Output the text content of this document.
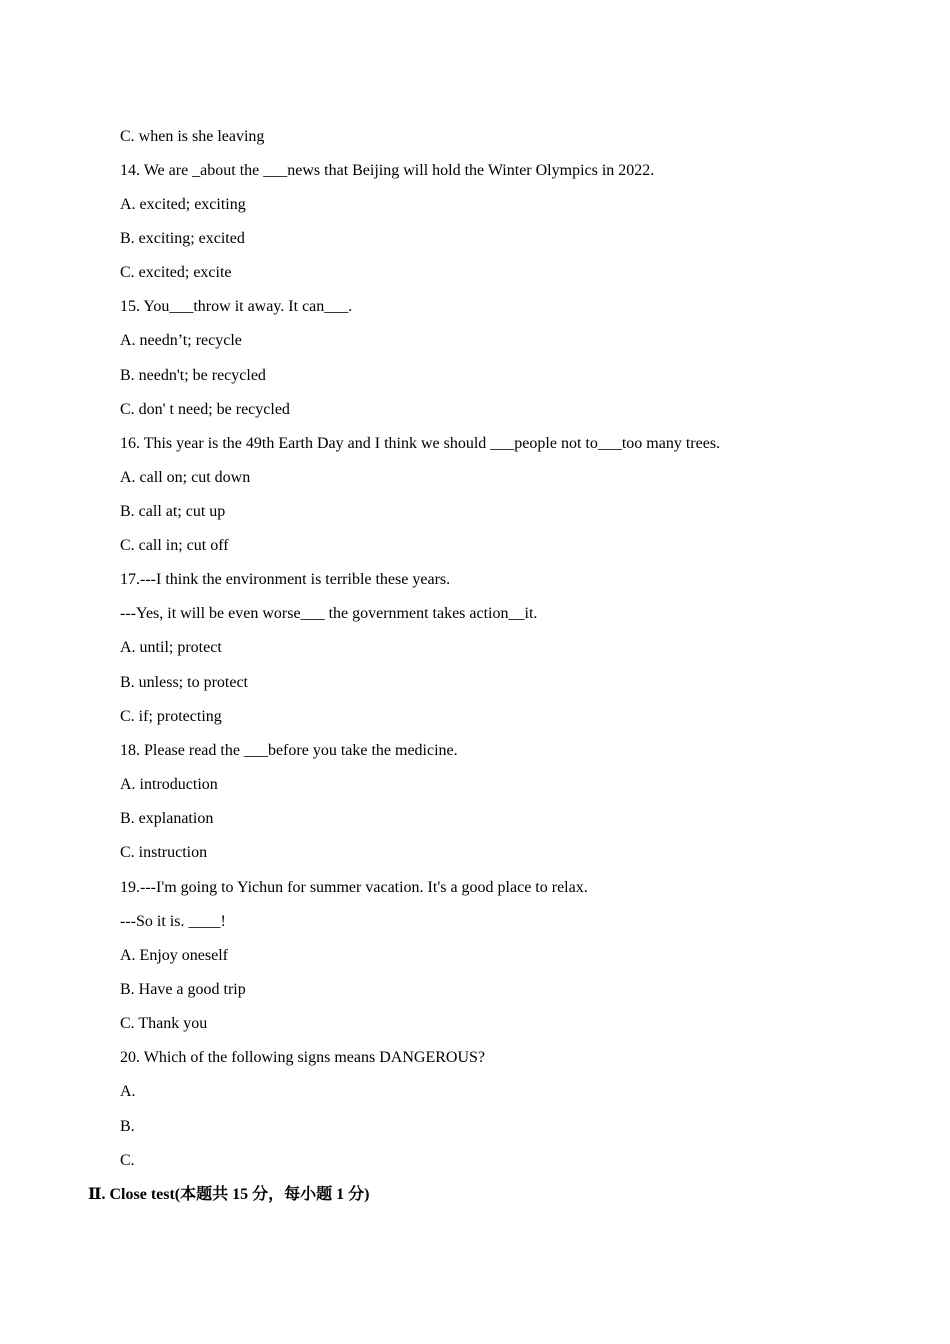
C. when is she leaving
14. We are _about the ___news that Beijing will hold the Winter Olympics in 2022.
A. excited; exciting
B. exciting; excited
C. excited; excite
15. You___throw it away. It can___.
A. needn’t; recycle
B. needn't; be recycled
C. don' t need; be recycled
16. This year is the 49th Earth Day and I think we should ___people not to___too many trees.
A. call on; cut down
B. call at; cut up
C. call in; cut off
17.---I think the environment is terrible these years.
---Yes, it will be even worse___ the government takes action__it.
A. until; protect
B. unless; to protect
C. if; protecting
18. Please read the ___before you take the medicine.
A. introduction
B. explanation
C. instruction
19.---I'm going to Yichun for summer vacation. It's a good place to relax.
---So it is. ____!
A. Enjoy oneself
B. Have a good trip
C. Thank you
20. Which of the following signs means DANGEROUS?
A.
B.
C.
Ⅱ. Close test(本题共 15 分，每小题 1 分)
